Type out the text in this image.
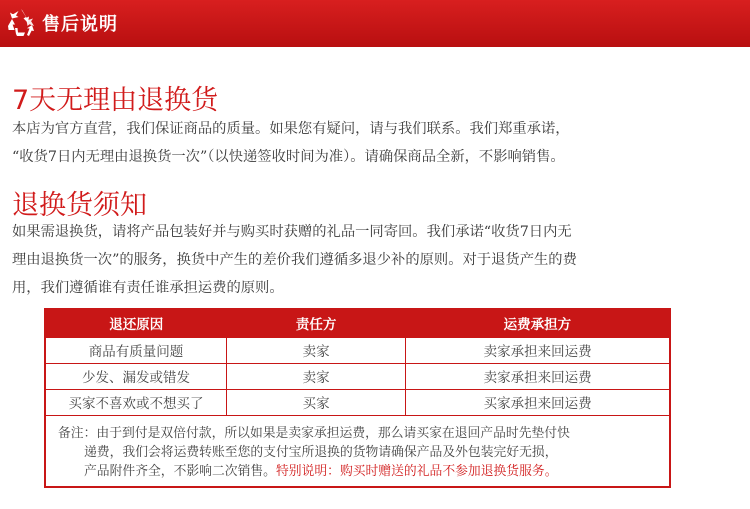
售后说明
7天无理由退换货
本店为官方直营，我们保证商品的质量。如果您有疑问，请与我们联系。我们郑重承诺，
“收货7日内无理由退换货一次”（以快递签收时间为准）。请确保商品全新，不影响销售。
退换货须知
如果需退换货，请将产品包装好并与购买时获赠的礼品一同寄回。我们承诺“收货7日内无
理由退换货一次”的服务，换货中产生的差价我们遵循多退少补的原则。对于退货产生的费
用，我们遵循谁有责任谁承担运费的原则。
退还原因	责任方	运费承担方
商品有质量问题	卖家	卖家承担来回运费
少发、漏发或错发	卖家	卖家承担来回运费
买家不喜欢或不想买了	买家	买家承担来回运费

备注：由于到付是双倍付款，所以如果是卖家承担运费，那么请买家在退回产品时先垫付快
递费，我们会将运费转账至您的支付宝所退换的货物请确保产品及外包装完好无损，
产品附件齐全，不影响二次销售。特别说明：购买时赠送的礼品不参加退换货服务。		
